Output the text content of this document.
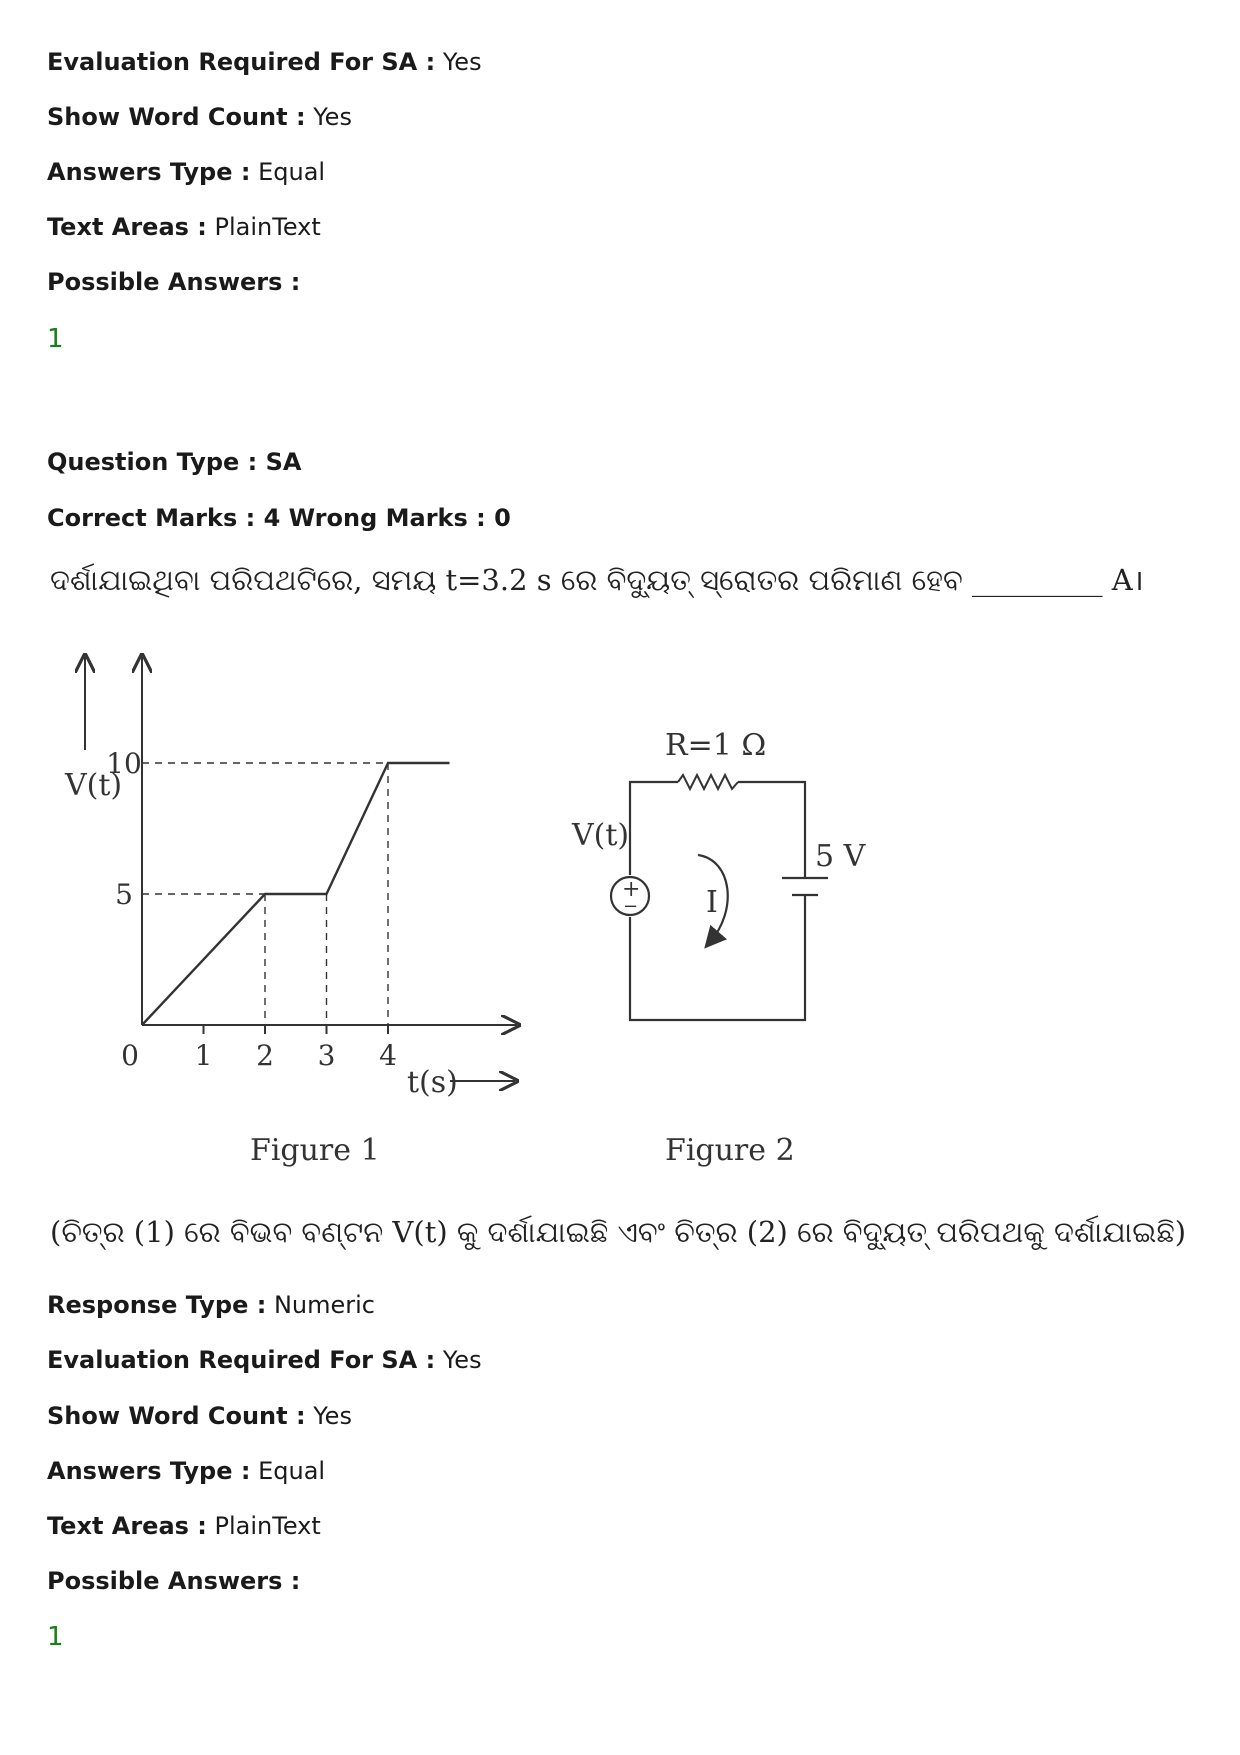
Evaluation Required For SA : Yes
Show Word Count : Yes
Answers Type : Equal
Text Areas : PlainText
Possible Answers :
1
Question Type : SA
Correct Marks : 4 Wrong Marks : 0
ଦର୍ଶାଯାଇଥିବା ପରିପଥଟିରେ, ସମୟ t=3.2 s ରେ ବିଦ୍ୟୁତ୍ ସ୍ରୋତର ପରିମାଣ ହେବ _________ A।
V(t)
10
5
0 1 2 3 4
t(s)
Figure 1
R=1 Ω
+
−
V(t)
5 V
I
Figure 2
(ଚିତ୍ର (1) ରେ ବିଭବ ବଣ୍ଟନ V(t) କୁ ଦର୍ଶାଯାଇଛି ଏବଂ ଚିତ୍ର (2) ରେ ବିଦ୍ୟୁତ୍ ପରିପଥକୁ ଦର୍ଶାଯାଇଛି)
Response Type : Numeric
Evaluation Required For SA : Yes
Show Word Count : Yes
Answers Type : Equal
Text Areas : PlainText
Possible Answers :
1
